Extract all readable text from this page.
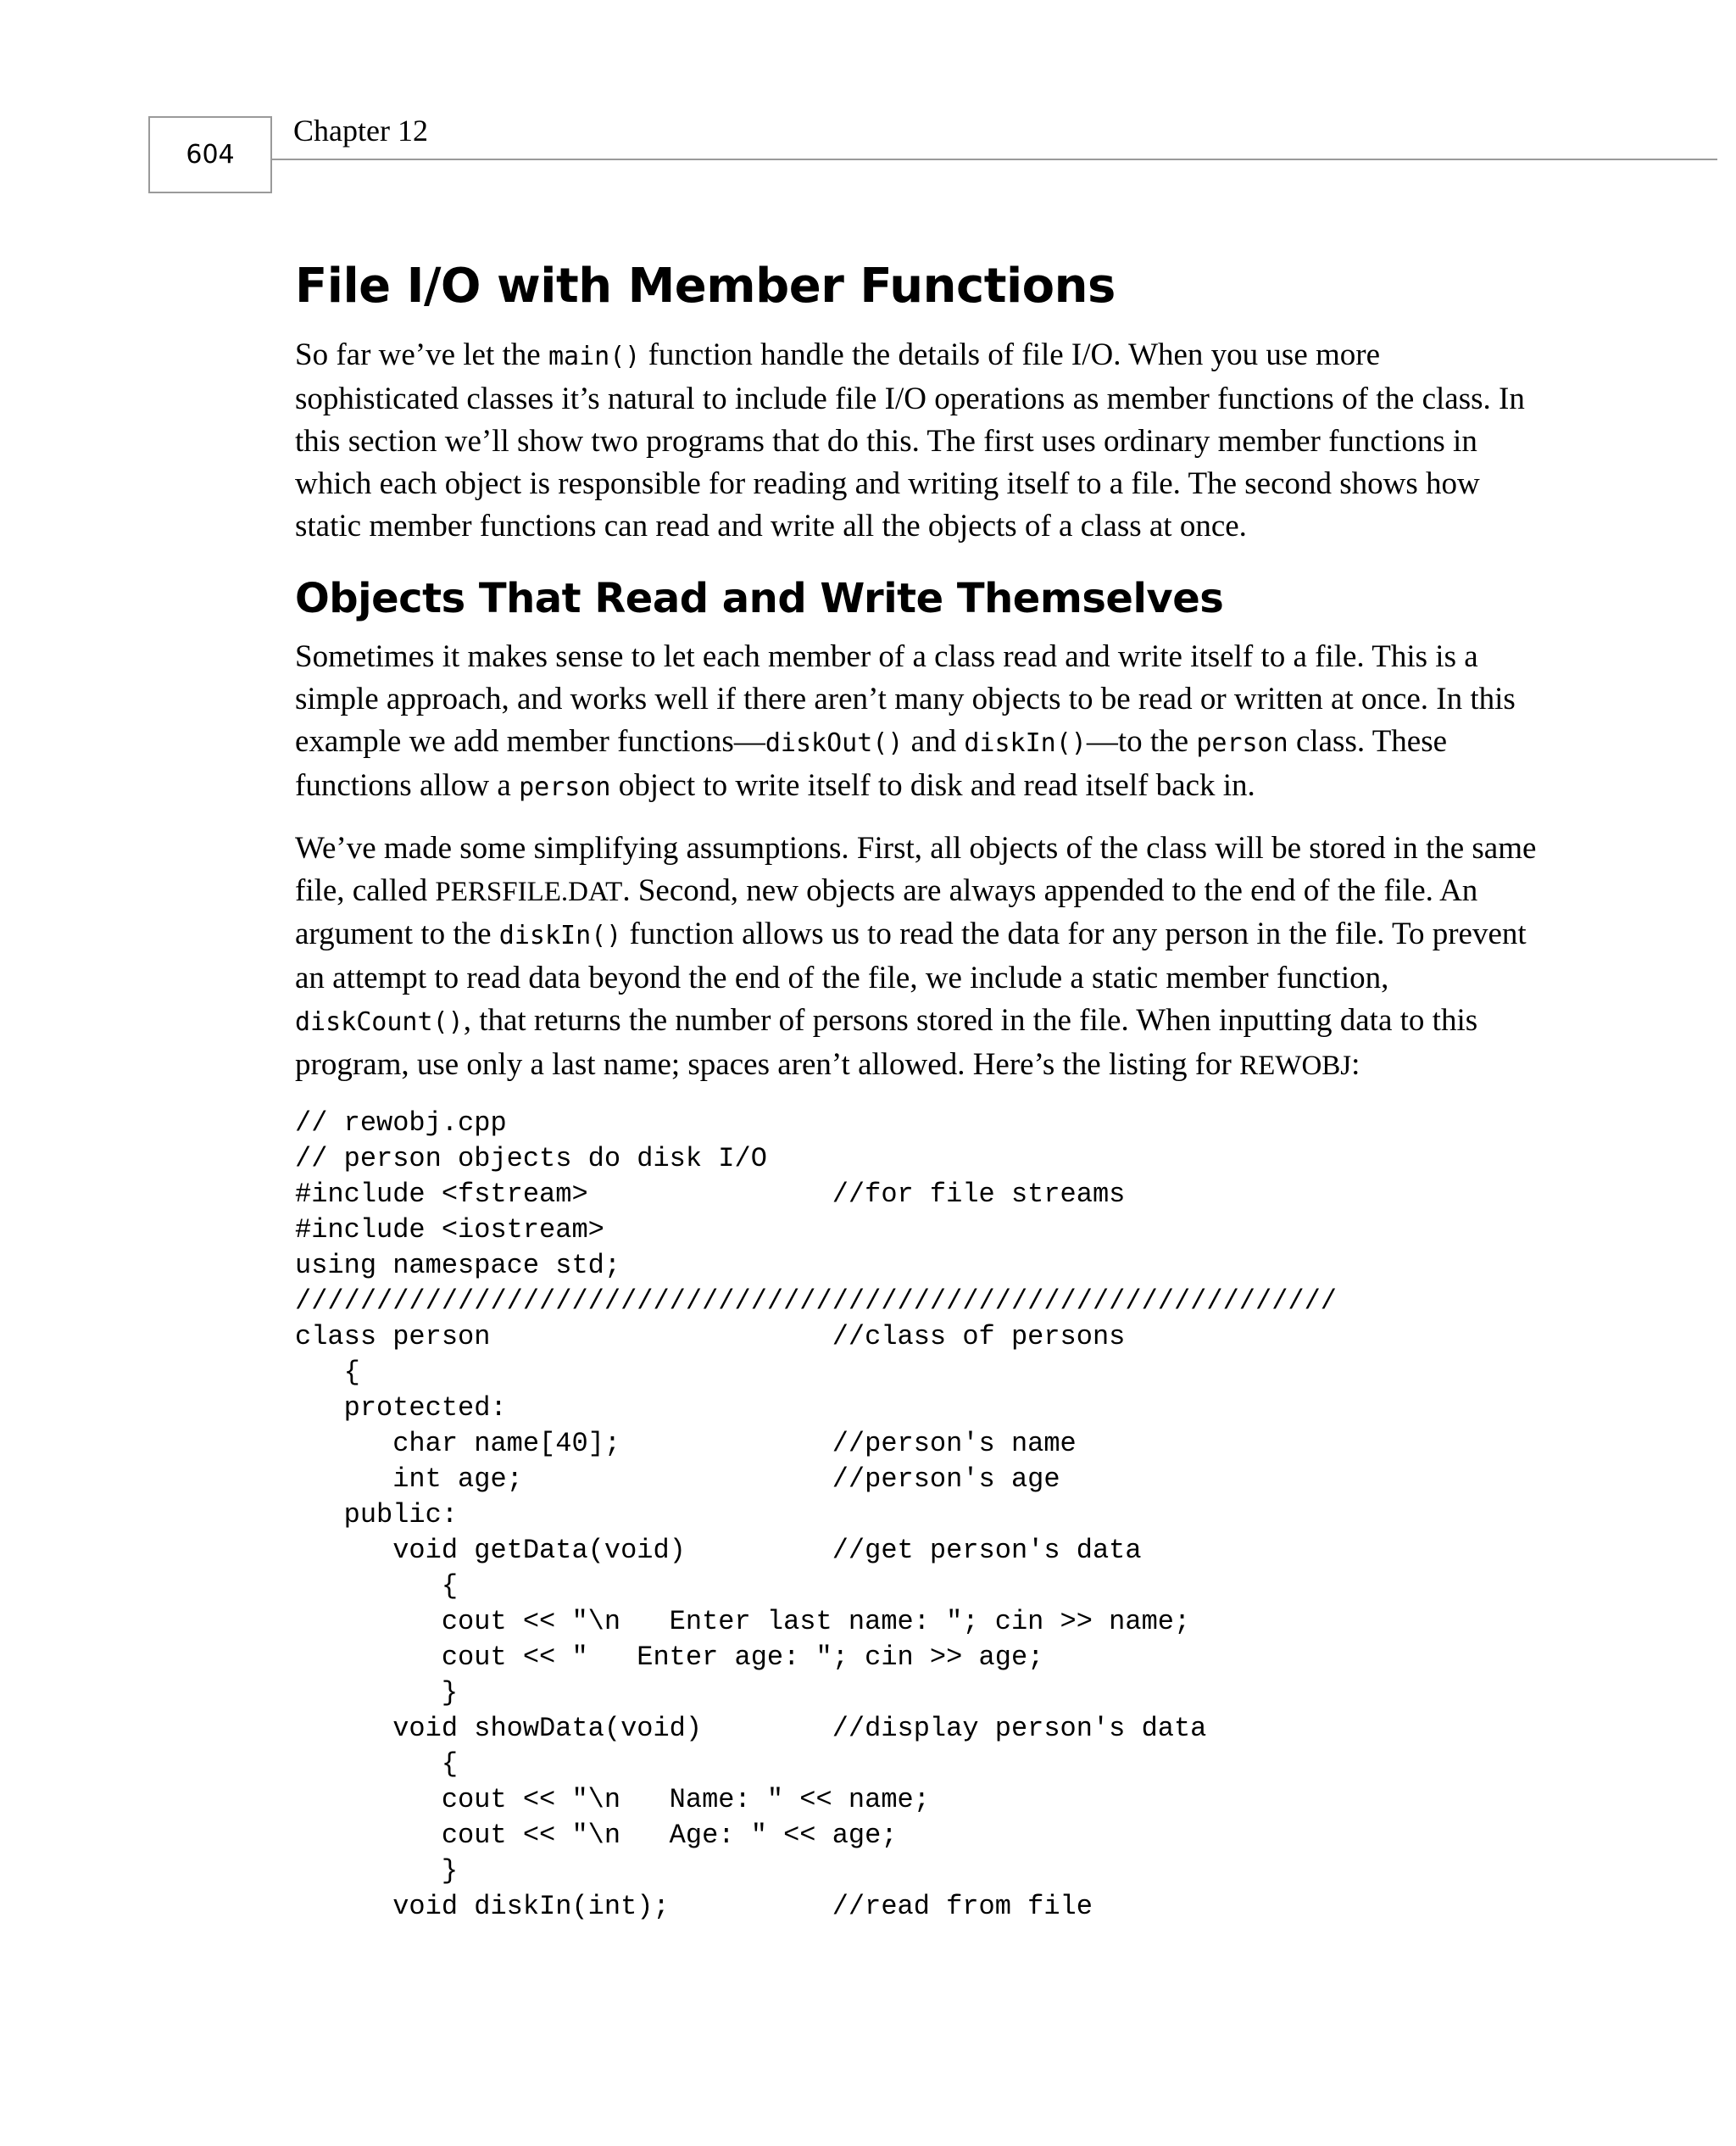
604
Chapter 12
File I/O with Member Functions

So far we’ve let the main() function handle the details of file I/O. When you use more sophisticated classes it’s natural to include file I/O operations as member functions of the class. In this section we’ll show two programs that do this. The first uses ordinary member functions in which each object is responsible for reading and writing itself to a file. The second shows how static member functions can read and write all the objects of a class at once.

Objects That Read and Write Themselves

Sometimes it makes sense to let each member of a class read and write itself to a file. This is a simple approach, and works well if there aren’t many objects to be read or written at once. In this example we add member functions—diskOut() and diskIn()—to the person class. These functions allow a person object to write itself to disk and read itself back in.

We’ve made some simplifying assumptions. First, all objects of the class will be stored in the same file, called PERSFILE.DAT. Second, new objects are always appended to the end of the file. An argument to the diskIn() function allows us to read the data for any person in the file. To prevent an attempt to read data beyond the end of the file, we include a static member function, diskCount(), that returns the number of persons stored in the file. When inputting data to this program, use only a last name; spaces aren’t allowed. Here’s the listing for REWOBJ:

// rewobj.cpp
// person objects do disk I/O
#include <fstream>               //for file streams
#include <iostream>
using namespace std;
////////////////////////////////////////////////////////////////
class person                     //class of persons
{
protected:
char name[40];             //person's name
int age;                   //person's age
public:
void getData(void)         //get person's data
{
cout << "\n   Enter last name: "; cin >> name;
cout << "   Enter age: "; cin >> age;
}
void showData(void)        //display person's data
{
cout << "\n   Name: " << name;
cout << "\n   Age: " << age;
}
void diskIn(int);          //read from file
